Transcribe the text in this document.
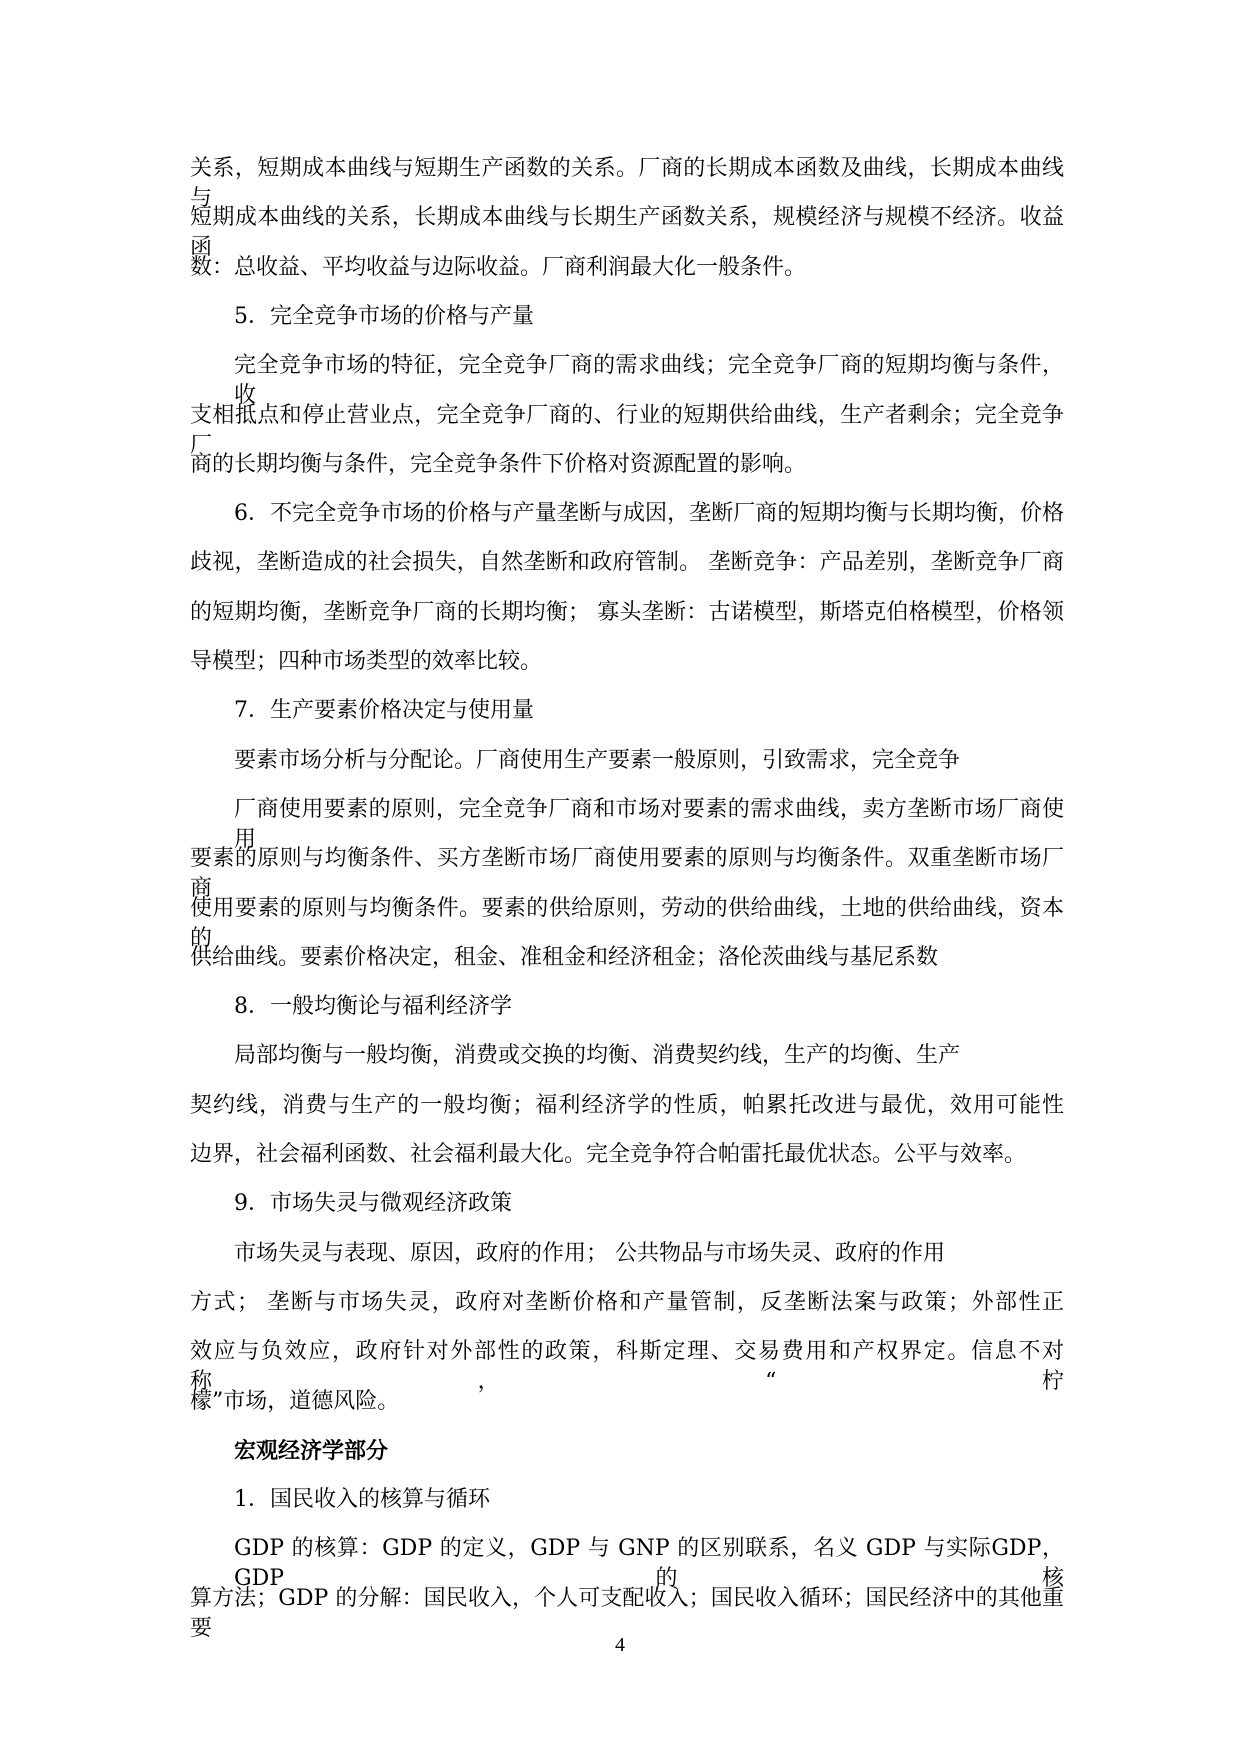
关系，短期成本曲线与短期生产函数的关系。厂商的长期成本函数及曲线，长期成本曲线与
短期成本曲线的关系，长期成本曲线与长期生产函数关系，规模经济与规模不经济。收益函
数：总收益、平均收益与边际收益。厂商利润最大化一般条件。
5．完全竞争市场的价格与产量
完全竞争市场的特征，完全竞争厂商的需求曲线；完全竞争厂商的短期均衡与条件，收
支相抵点和停止营业点，完全竞争厂商的、行业的短期供给曲线，生产者剩余；完全竞争厂
商的长期均衡与条件，完全竞争条件下价格对资源配置的影响。
6．不完全竞争市场的价格与产量垄断与成因，垄断厂商的短期均衡与长期均衡，价格
歧视，垄断造成的社会损失，自然垄断和政府管制。 垄断竞争：产品差别，垄断竞争厂商
的短期均衡，垄断竞争厂商的长期均衡； 寡头垄断：古诺模型，斯塔克伯格模型，价格领
导模型；四种市场类型的效率比较。
7．生产要素价格决定与使用量
要素市场分析与分配论。厂商使用生产要素一般原则，引致需求，完全竞争
厂商使用要素的原则，完全竞争厂商和市场对要素的需求曲线，卖方垄断市场厂商使用
要素的原则与均衡条件、买方垄断市场厂商使用要素的原则与均衡条件。双重垄断市场厂商
使用要素的原则与均衡条件。要素的供给原则，劳动的供给曲线，土地的供给曲线，资本的
供给曲线。要素价格决定，租金、准租金和经济租金；洛伦茨曲线与基尼系数
8．一般均衡论与福利经济学
局部均衡与一般均衡，消费或交换的均衡、消费契约线，生产的均衡、生产
契约线，消费与生产的一般均衡；福利经济学的性质，帕累托改进与最优，效用可能性
边界，社会福利函数、社会福利最大化。完全竞争符合帕雷托最优状态。公平与效率。
9．市场失灵与微观经济政策
市场失灵与表现、原因，政府的作用； 公共物品与市场失灵、政府的作用
方式； 垄断与市场失灵，政府对垄断价格和产量管制，反垄断法案与政策；外部性正
效应与负效应，政府针对外部性的政策，科斯定理、交易费用和产权界定。信息不对称，“柠
檬”市场，道德风险。
宏观经济学部分
1．国民收入的核算与循环
GDP 的核算：GDP 的定义，GDP 与 GNP 的区别联系，名义 GDP 与实际GDP，GDP 的核
算方法；GDP 的分解：国民收入，个人可支配收入；国民收入循环；国民经济中的其他重要
4
